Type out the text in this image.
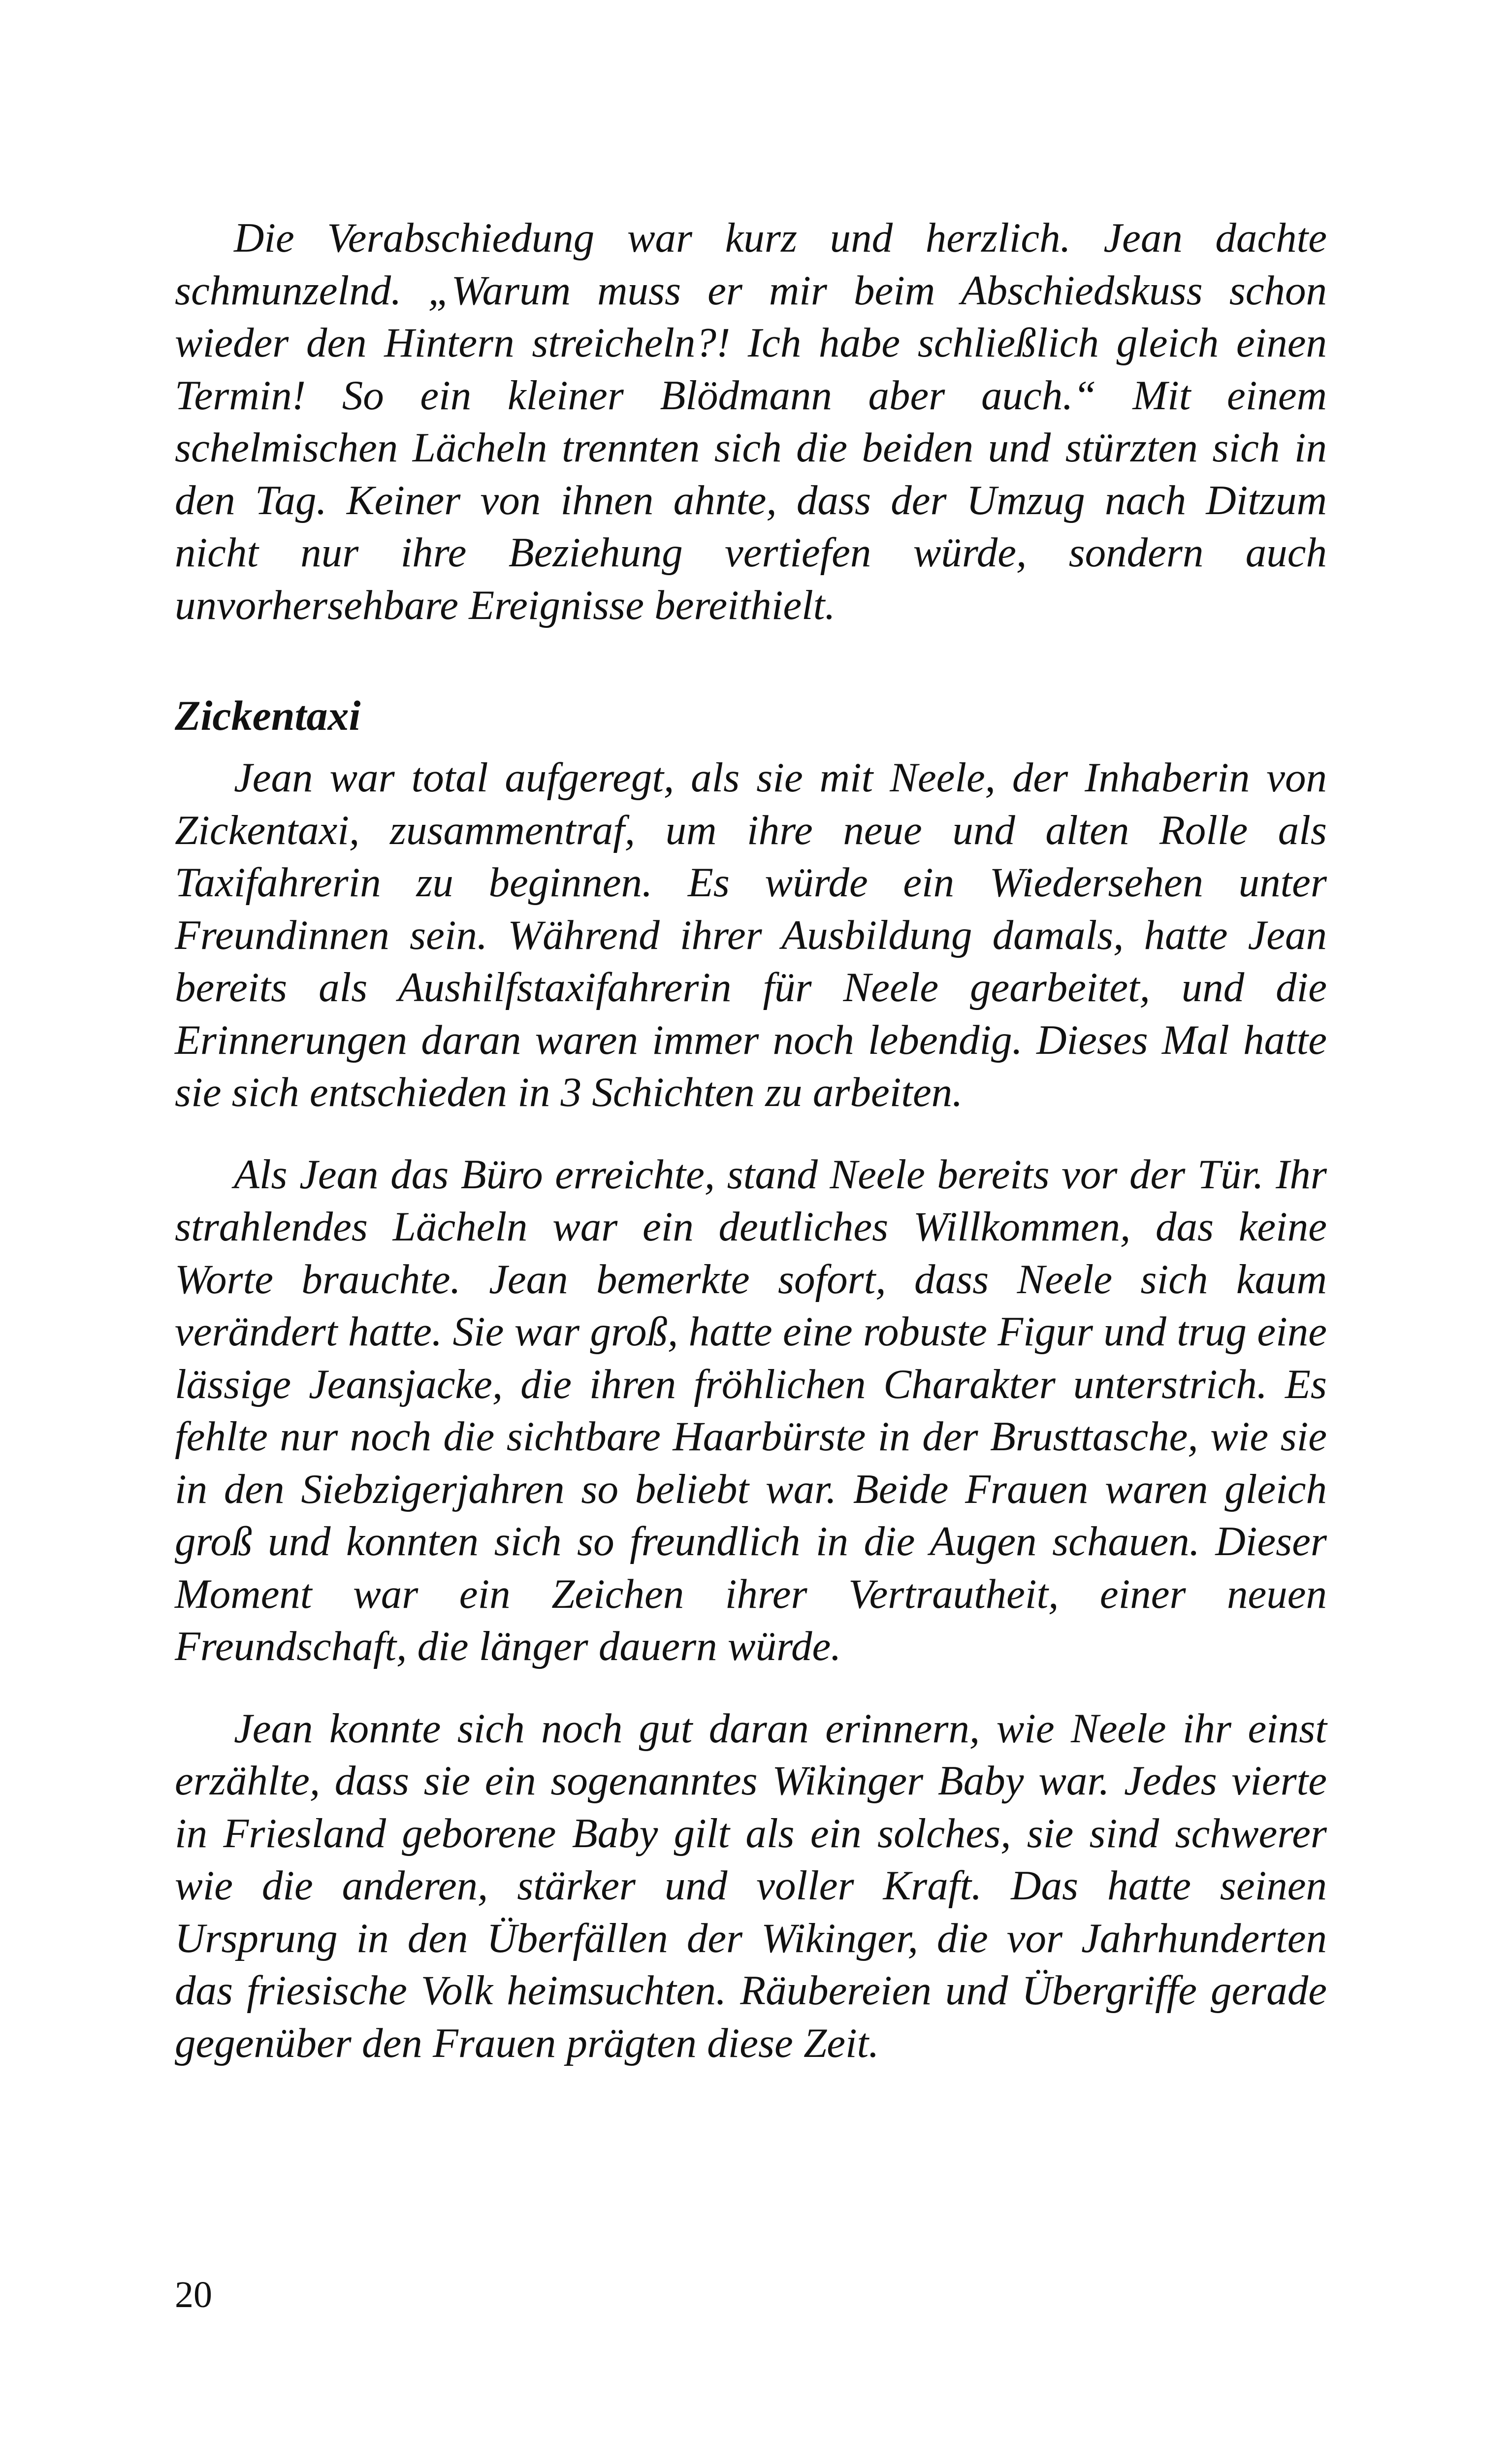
Die Verabschiedung war kurz und herzlich. Jean dachte schmunzelnd. „Warum muss er mir beim Abschiedskuss schon wieder den Hintern streicheln?! Ich habe schließlich gleich einen Termin! So ein kleiner Blödmann aber auch.“ Mit einem schelmischen Lächeln trennten sich die beiden und stürzten sich in den Tag. Keiner von ihnen ahnte, dass der Umzug nach Ditzum nicht nur ihre Beziehung vertiefen würde, sondern auch unvorhersehbare Ereignisse bereithielt.

Zickentaxi

Jean war total aufgeregt, als sie mit Neele, der Inhaberin von Zickentaxi, zusammentraf, um ihre neue und alten Rolle als Taxifahrerin zu beginnen. Es würde ein Wiedersehen unter Freundinnen sein. Während ihrer Ausbildung damals, hatte Jean bereits als Aushilfstaxifahrerin für Neele gearbeitet, und die Erinnerungen daran waren immer noch lebendig. Dieses Mal hatte sie sich entschieden in 3 Schichten zu arbeiten.

Als Jean das Büro erreichte, stand Neele bereits vor der Tür. Ihr strahlendes Lächeln war ein deutliches Willkommen, das keine Worte brauchte. Jean bemerkte sofort, dass Neele sich kaum verändert hatte. Sie war groß, hatte eine robuste Figur und trug eine lässige Jeansjacke, die ihren fröhlichen Charakter unterstrich. Es fehlte nur noch die sichtbare Haarbürste in der Brusttasche, wie sie in den Siebzigerjahren so beliebt war. Beide Frauen waren gleich groß und konnten sich so freundlich in die Augen schauen. Dieser Moment war ein Zeichen ihrer Vertrautheit, einer neuen Freundschaft, die länger dauern würde.

Jean konnte sich noch gut daran erinnern, wie Neele ihr einst erzählte, dass sie ein sogenanntes Wikinger Baby war. Jedes vierte in Friesland geborene Baby gilt als ein solches, sie sind schwerer wie die anderen, stärker und voller Kraft. Das hatte seinen Ursprung in den Überfällen der Wikinger, die vor Jahrhunderten das friesische Volk heimsuchten. Räubereien und Übergriffe gerade gegenüber den Frauen prägten diese Zeit.

20
